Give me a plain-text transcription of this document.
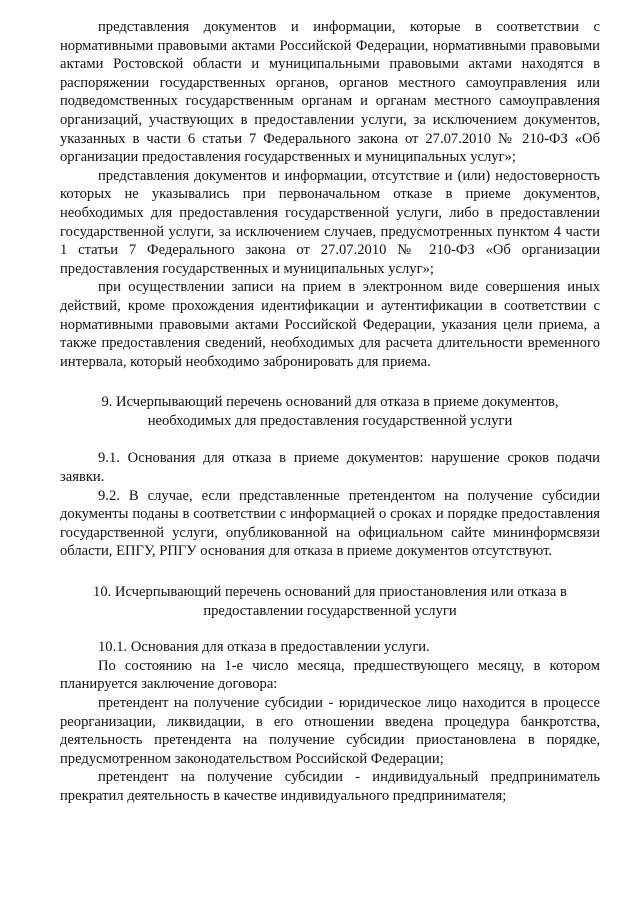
представления документов и информации, которые в соответствии с нормативными правовыми актами Российской Федерации, нормативными правовыми актами Ростовской области и муниципальными правовыми актами находятся в распоряжении государственных органов, органов местного самоуправления или подведомственных государственным органам и органам местного самоуправления организаций, участвующих в предоставлении услуги, за исключением документов, указанных в части 6 статьи 7 Федерального закона от 27.07.2010 № 210-ФЗ «Об организации предоставления государственных и муниципальных услуг»;

представления документов и информации, отсутствие и (или) недостоверность которых не указывались при первоначальном отказе в приеме документов, необходимых для предоставления государственной услуги, либо в предоставлении государственной услуги, за исключением случаев, предусмотренных пунктом 4 части 1 статьи 7 Федерального закона от 27.07.2010 № 210-ФЗ «Об организации предоставления государственных и муниципальных услуг»;

при осуществлении записи на прием в электронном виде совершения иных действий, кроме прохождения идентификации и аутентификации в соответствии с нормативными правовыми актами Российской Федерации, указания цели приема, а также предоставления сведений, необходимых для расчета длительности временного интервала, который необходимо забронировать для приема.

9. Исчерпывающий перечень оснований для отказа в приеме документов,

необходимых для предоставления государственной услуги

9.1. Основания для отказа в приеме документов: нарушение сроков подачи заявки.

9.2. В случае, если представленные претендентом на получение субсидии документы поданы в соответствии с информацией о сроках и порядке предоставления государственной услуги, опубликованной на официальном сайте мининформсвязи области, ЕПГУ, РПГУ основания для отказа в приеме документов отсутствуют.

10. Исчерпывающий перечень оснований для приостановления или отказа в

предоставлении государственной услуги

10.1. Основания для отказа в предоставлении услуги.

По состоянию на 1-е число месяца, предшествующего месяцу, в котором планируется заключение договора:

претендент на получение субсидии - юридическое лицо находится в процессе реорганизации, ликвидации, в его отношении введена процедура банкротства, деятельность претендента на получение субсидии приостановлена в порядке, предусмотренном законодательством Российской Федерации;

претендент на получение субсидии - индивидуальный предприниматель прекратил деятельность в качестве индивидуального предпринимателя;
